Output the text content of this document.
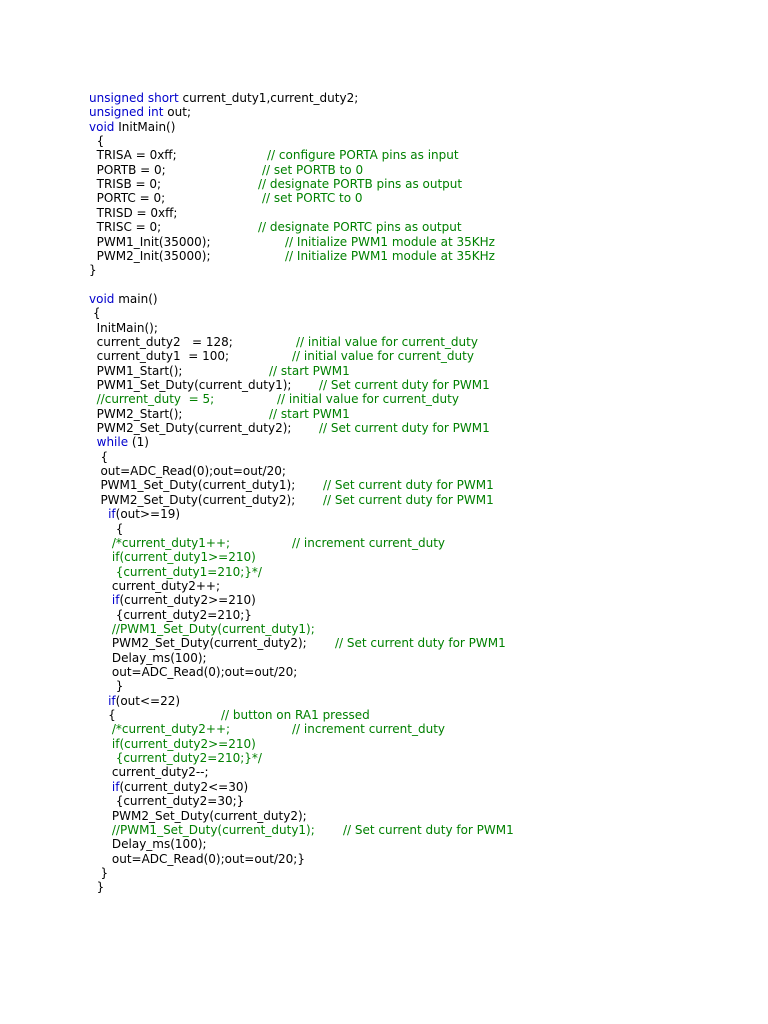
unsigned short current_duty1,current_duty2;
unsigned int out;
void InitMain()
{
TRISA = 0xff;	// configure PORTA pins as input
PORTB = 0;	// set PORTB to 0
TRISB = 0;	// designate PORTB pins as output
PORTC = 0;	// set PORTC to 0
TRISD = 0xff;
TRISC = 0;	// designate PORTC pins as output
PWM1_Init(35000);	// Initialize PWM1 module at 35KHz
PWM2_Init(35000);	// Initialize PWM1 module at 35KHz
}
void main()
{
InitMain();
current_duty2   = 128;	// initial value for current_duty
current_duty1  = 100;	// initial value for current_duty
PWM1_Start();	// start PWM1
PWM1_Set_Duty(current_duty1); // Set current duty for PWM1
//current_duty  = 5;	// initial value for current_duty
PWM2_Start();	// start PWM1
PWM2_Set_Duty(current_duty2); // Set current duty for PWM1
while (1)
{
out=ADC_Read(0);out=out/20;
PWM1_Set_Duty(current_duty1); // Set current duty for PWM1
PWM2_Set_Duty(current_duty2); // Set current duty for PWM1
if(out>=19)
{
/*current_duty1++;	// increment current_duty
if(current_duty1>=210)
{current_duty1=210;}*/
current_duty2++;
if(current_duty2>=210)
{current_duty2=210;}
//PWM1_Set_Duty(current_duty1);
PWM2_Set_Duty(current_duty2); // Set current duty for PWM1
Delay_ms(100);
out=ADC_Read(0);out=out/20;
}
if(out<=22)
{	// button on RA1 pressed
/*current_duty2++;	// increment current_duty
if(current_duty2>=210)
{current_duty2=210;}*/
current_duty2--;
if(current_duty2<=30)
{current_duty2=30;}
PWM2_Set_Duty(current_duty2);
//PWM1_Set_Duty(current_duty1); // Set current duty for PWM1
Delay_ms(100);
out=ADC_Read(0);out=out/20;}
}
}
